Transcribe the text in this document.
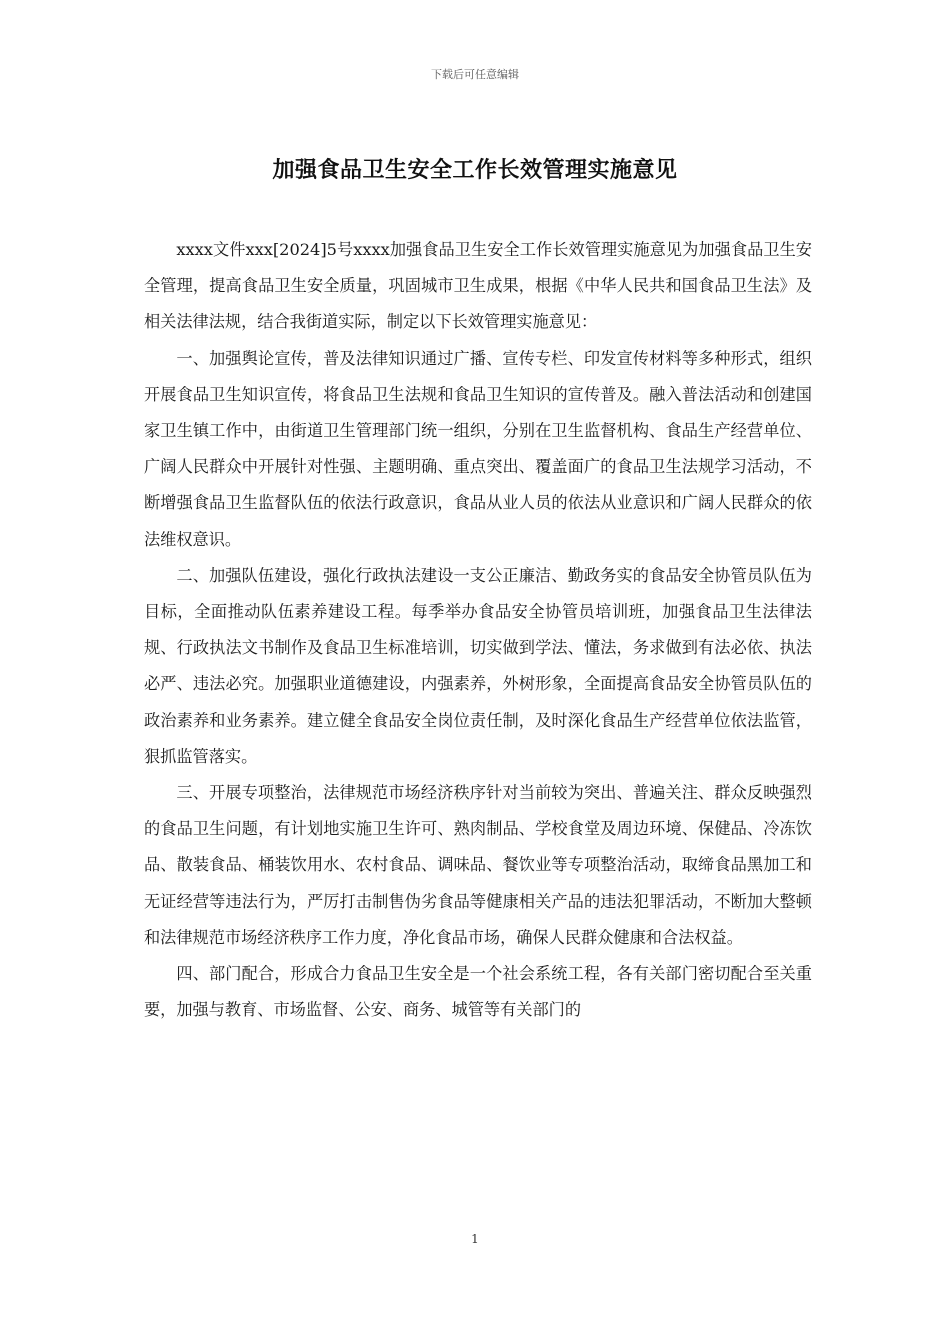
下载后可任意编辑
加强食品卫生安全工作长效管理实施意见

xxxx文件xxx[2024]5号xxxx加强食品卫生安全工作长效管理实施意见为加强食品卫生安全管理，提高食品卫生安全质量，巩固城市卫生成果，根据《中华人民共和国食品卫生法》及相关法律法规，结合我街道实际，制定以下长效管理实施意见：

一、加强舆论宣传，普及法律知识通过广播、宣传专栏、印发宣传材料等多种形式，组织开展食品卫生知识宣传，将食品卫生法规和食品卫生知识的宣传普及。融入普法活动和创建国家卫生镇工作中，由街道卫生管理部门统一组织，分别在卫生监督机构、食品生产经营单位、广阔人民群众中开展针对性强、主题明确、重点突出、覆盖面广的食品卫生法规学习活动，不断增强食品卫生监督队伍的依法行政意识，食品从业人员的依法从业意识和广阔人民群众的依法维权意识。

二、加强队伍建设，强化行政执法建设一支公正廉洁、勤政务实的食品安全协管员队伍为目标，全面推动队伍素养建设工程。每季举办食品安全协管员培训班，加强食品卫生法律法规、行政执法文书制作及食品卫生标准培训，切实做到学法、懂法，务求做到有法必依、执法必严、违法必究。加强职业道德建设，内强素养，外树形象，全面提高食品安全协管员队伍的政治素养和业务素养。建立健全食品安全岗位责任制，及时深化食品生产经营单位依法监管，狠抓监管落实。

三、开展专项整治，法律规范市场经济秩序针对当前较为突出、普遍关注、群众反映强烈的食品卫生问题，有计划地实施卫生许可、熟肉制品、学校食堂及周边环境、保健品、冷冻饮品、散装食品、桶装饮用水、农村食品、调味品、餐饮业等专项整治活动，取缔食品黑加工和无证经营等违法行为，严厉打击制售伪劣食品等健康相关产品的违法犯罪活动，不断加大整顿和法律规范市场经济秩序工作力度，净化食品市场，确保人民群众健康和合法权益。

四、部门配合，形成合力食品卫生安全是一个社会系统工程，各有关部门密切配合至关重要，加强与教育、市场监督、公安、商务、城管等有关部门的

1
